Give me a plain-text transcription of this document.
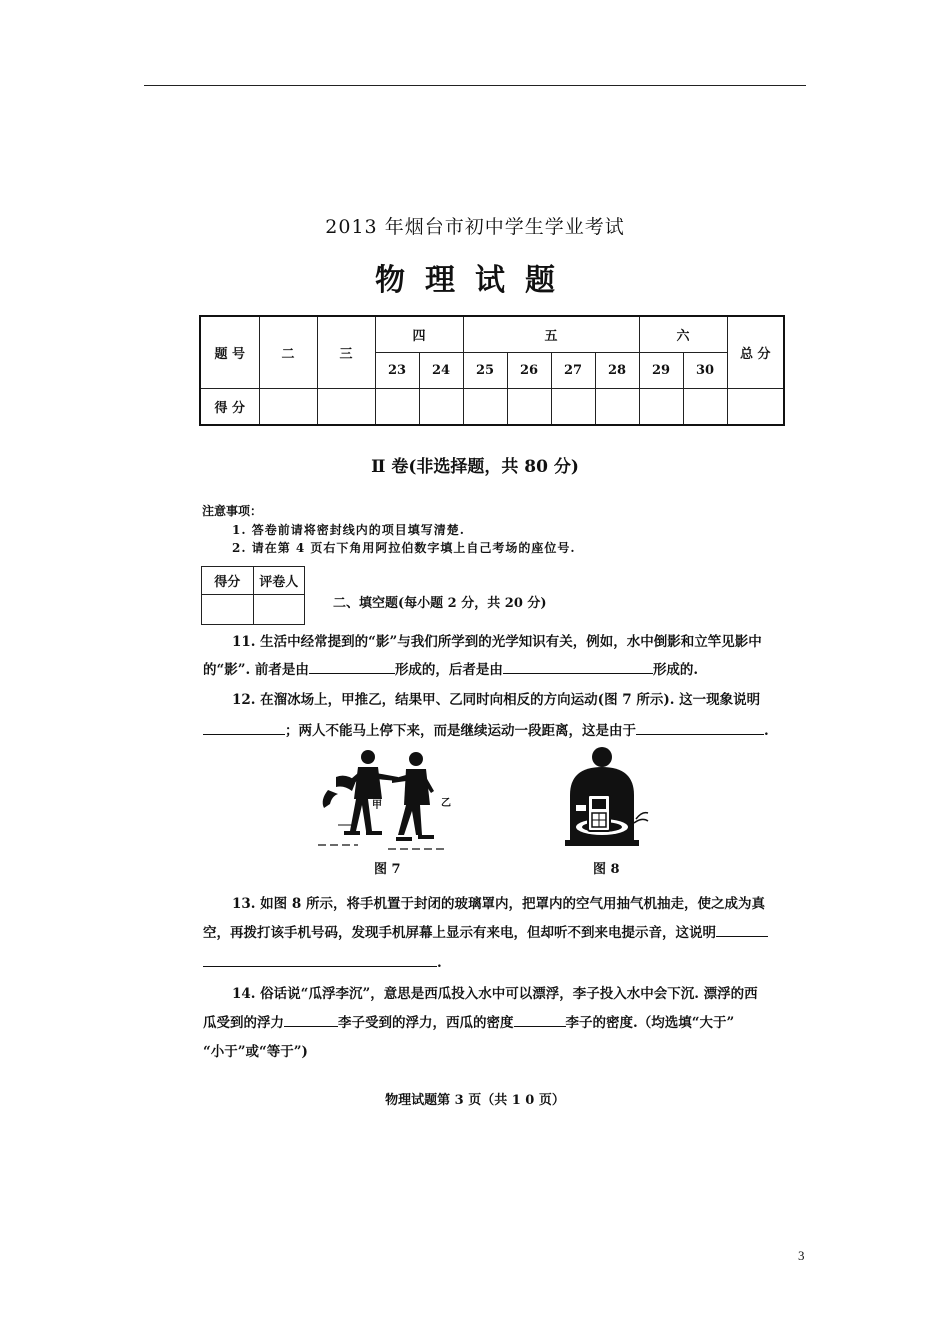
2013 年烟台市初中学生学业考试
物理试题
题 号	二	三	四		五				六		总 分
			23	24	25	26	27	28	29	30	
得 分											
Ⅱ 卷(非选择题，共 80 分)
注意事项：
1. 答卷前请将密封线内的项目填写清楚.
2. 请在第 4 页右下角用阿拉伯数字填上自己考场的座位号.
得分	评卷人

二、填空题(每小题 2 分，共 20 分)
11. 生活中经常提到的“影”与我们所学到的光学知识有关，例如，水中倒影和立竿见影中
的“影”. 前者是由	形成的，后者是由	形成的.
12. 在溜冰场上，甲推乙，结果甲、乙同时向相反的方向运动(图 7 所示). 这一现象说明
；两人不能马上停下来，而是继续运动一段距离，这是由于	.
甲	乙
图 7	图 8
13. 如图 8 所示，将手机置于封闭的玻璃罩内，把罩内的空气用抽气机抽走，使之成为真
空，再拨打该手机号码，发现手机屏幕上显示有来电，但却听不到来电提示音，这说明
.
14. 俗话说“瓜浮李沉”，意思是西瓜投入水中可以漂浮，李子投入水中会下沉. 漂浮的西
瓜受到的浮力	李子受到的浮力，西瓜的密度	李子的密度.（均选填“大于”
“小于”或“等于”)
物理试题第 3 页（共 1 0 页）
3
